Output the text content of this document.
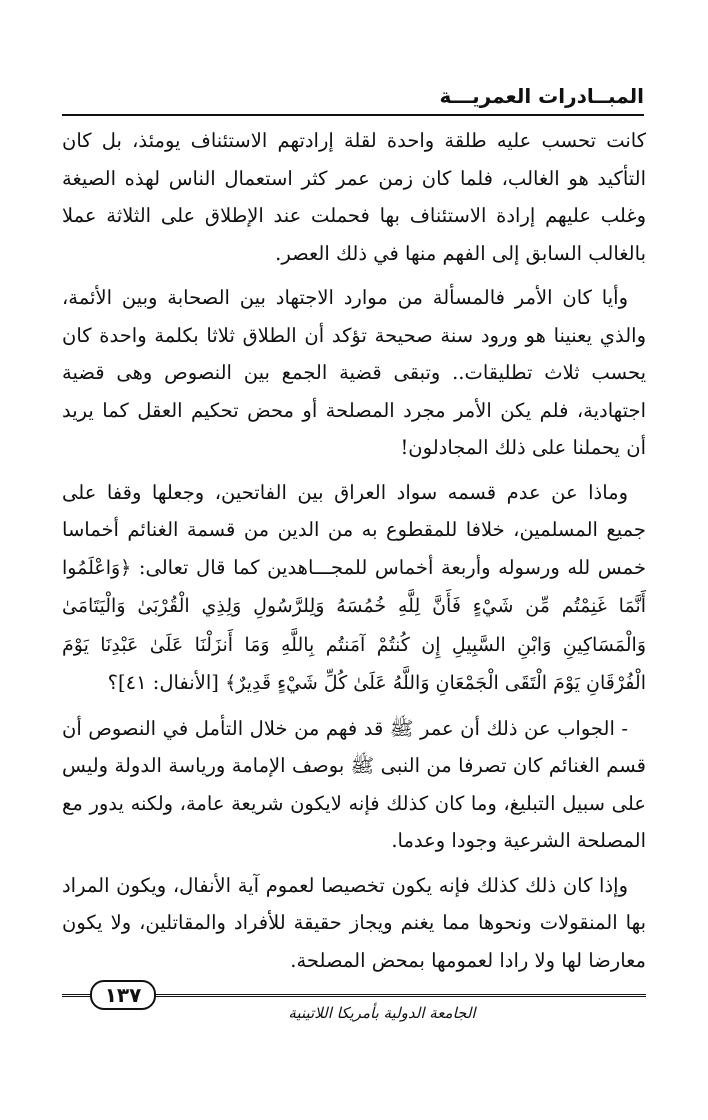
المبــادرات العمريـــة

كانت تحسب عليه طلقة واحدة لقلة إرادتهم الاستئناف يومئذ، بل كان التأكيد هو الغالب، فلما كان زمن عمر كثر استعمال الناس لهذه الصيغة وغلب عليهم إرادة الاستئناف بها فحملت عند الإطلاق على الثلاثة عملا بالغالب السابق إلى الفهم منها في ذلك العصر.

وأيا كان الأمر فالمسألة من موارد الاجتهاد بين الصحابة وبين الأئمة، والذي يعنينا هو ورود سنة صحيحة تؤكد أن الطلاق ثلاثا بكلمة واحدة كان يحسب ثلاث تطليقات.. وتبقى قضية الجمع بين النصوص وهى قضية اجتهادية، فلم يكن الأمر مجرد المصلحة أو محض تحكيم العقل كما يريد أن يحملنا على ذلك المجادلون!

وماذا عن عدم قسمه سواد العراق بين الفاتحين، وجعلها وقفا على جميع المسلمين، خلافا للمقطوع به من الدين من قسمة الغنائم أخماسا خمس لله ورسوله وأربعة أخماس للمجـــاهدين كما قال تعالى: ﴿وَاعْلَمُوا أَنَّمَا غَنِمْتُم مِّن شَيْءٍ فَأَنَّ لِلَّهِ خُمُسَهُ وَلِلرَّسُولِ وَلِذِي الْقُرْبَىٰ وَالْيَتَامَىٰ وَالْمَسَاكِينِ وَابْنِ السَّبِيلِ إِن كُنتُمْ آمَنتُم بِاللَّهِ وَمَا أَنزَلْنَا عَلَىٰ عَبْدِنَا يَوْمَ الْفُرْقَانِ يَوْمَ الْتَقَى الْجَمْعَانِ وَاللَّهُ عَلَىٰ كُلِّ شَيْءٍ قَدِيرٌ﴾ [الأنفال: ٤١]؟

- الجواب عن ذلك أن عمر ﷺ قد فهم من خلال التأمل في النصوص أن قسم الغنائم كان تصرفا من النبى ﷺ بوصف الإمامة ورياسة الدولة وليس على سبيل التبليغ، وما كان كذلك فإنه لايكون شريعة عامة، ولكنه يدور مع المصلحة الشرعية وجودا وعدما.

وإذا كان ذلك كذلك فإنه يكون تخصيصا لعموم آية الأنفال، ويكون المراد بها المنقولات ونحوها مما يغنم ويجاز حقيقة للأفراد والمقاتلين، ولا يكون معارضا لها ولا رادا لعمومها بمحض المصلحة.

١٣٧
الجامعة الدولية بأمريكا اللاتينية
